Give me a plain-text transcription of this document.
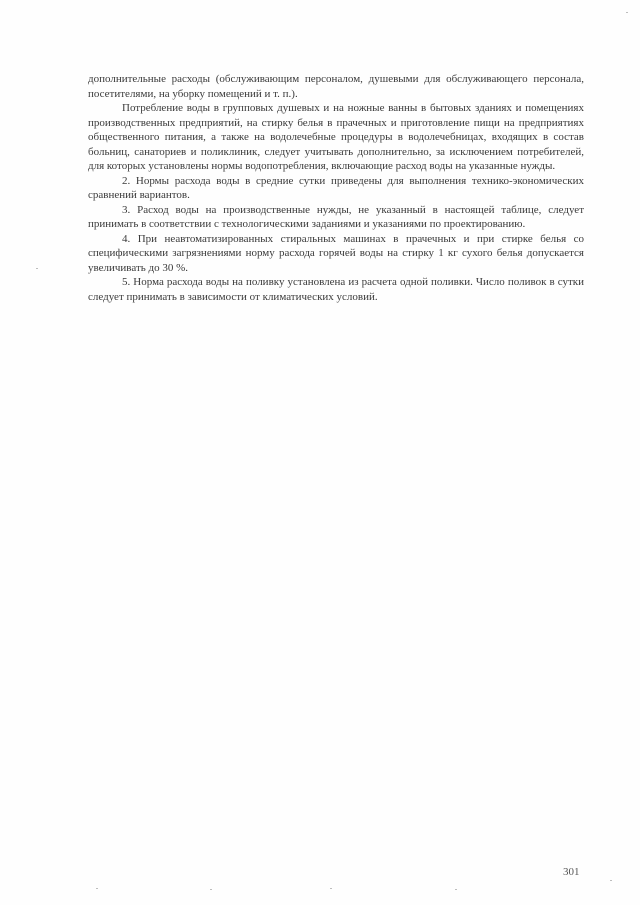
дополнительные расходы (обслуживающим персоналом, душевыми для обслуживающего персонала, посетителями, на уборку помещений и т. п.).

Потребление воды в групповых душевых и на ножные ванны в бытовых зданиях и помещениях производственных предприятий, на стирку белья в прачечных и приготовление пищи на предприятиях общественного питания, а также на водолечебные процедуры в водолечебницах, входящих в состав больниц, санаториев и поликлиник, следует учитывать дополнительно, за исключением потребителей, для которых установлены нормы водопотребления, включающие расход воды на указанные нужды.

2. Нормы расхода воды в средние сутки приведены для выполнения технико-экономических сравнений вариантов.

3. Расход воды на производственные нужды, не указанный в настоящей таблице, следует принимать в соответствии с технологическими заданиями и указаниями по проектированию.

4. При неавтоматизированных стиральных машинах в прачечных и при стирке белья со специфическими загрязнениями норму расхода горячей воды на стирку 1 кг сухого белья допускается увеличивать до 30 %.

5. Норма расхода воды на поливку установлена из расчета одной поливки. Число поливок в сутки следует принимать в зависимости от климатических условий.

301
